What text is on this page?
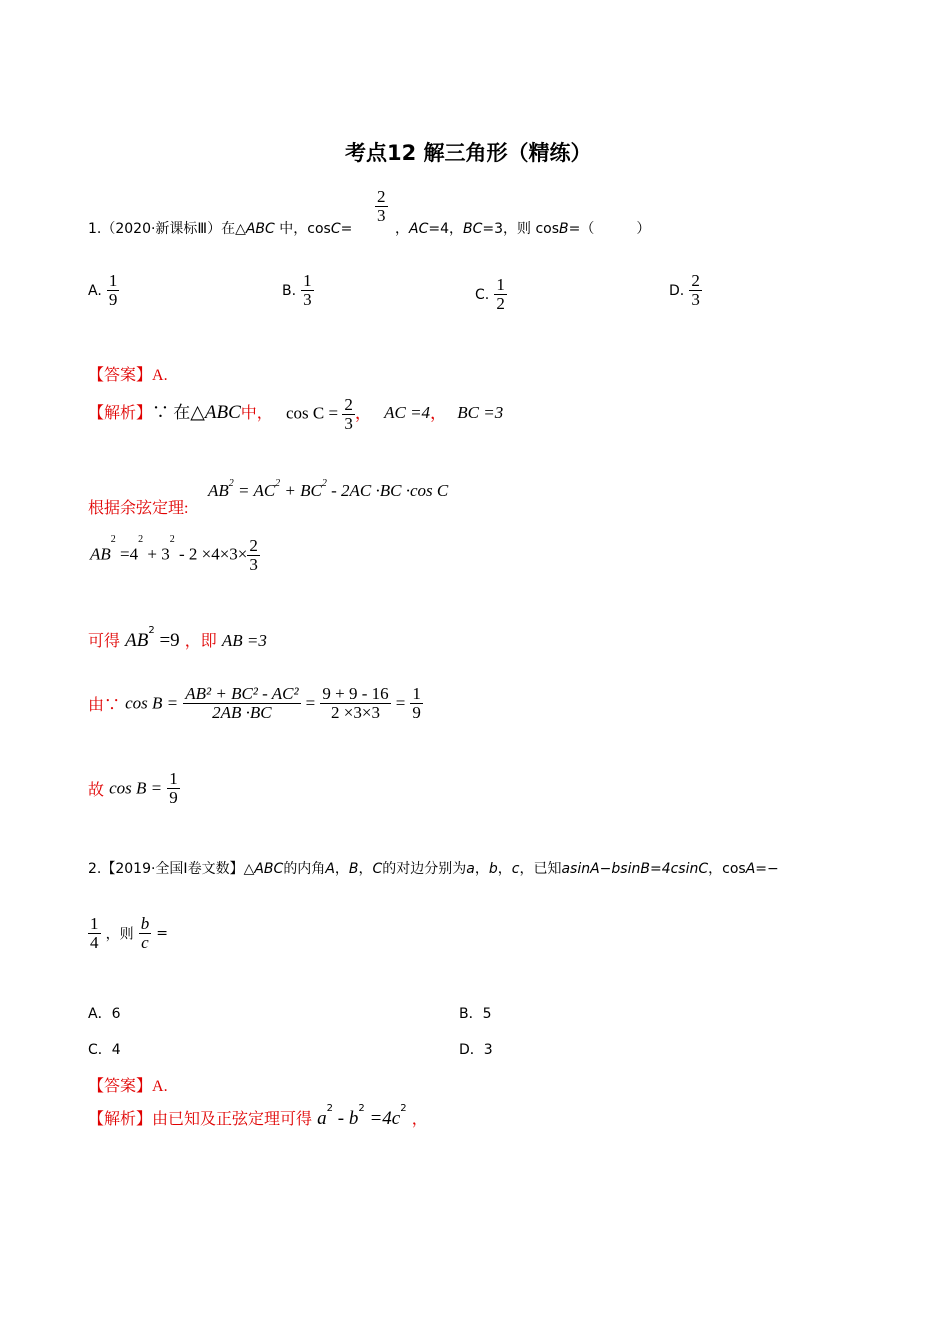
考点12 解三角形（精练）
1.（2020·新课标Ⅲ）在△ABC 中，cosC=
$\frac{2}{3}$
，AC=4，BC=3，则 cosB=（　　　）
A. $\frac{1}{9}$	B. $\frac{1}{3}$	C. $\frac{1}{2}$	D. $\frac{2}{3}$
【答案】A.
【解析】∵ 在△ABC中， $\cos C = \frac{2}{3}$ ， AC =4， BC =3
根据余弦定理:
$AB^2 = AC^2 + BC^2 - 2AC \cdot BC \cdot\cos$ C
$AB^2 =4^2 + 3^2 - 2 \times 4\times 3\times \frac{2}{3}$
可得 $AB^2 =9$ ，即 AB =3
由∵ $\cos B = \frac{\text{AB² + BC² - AC²}}{2AB \cdot BC} = \frac{9 + 9 - 16}{2 \times 3\times 3} = \frac{1}{9}$
故 $\cos B = \frac{1}{9}$
2.【2019·全国Ⅰ卷文数】△ABC的内角A，B，C的对边分别为a，b，c，已知asinA−bsinB=4csinC，cosA=−
$\frac{1}{4}$ ，则 $\frac{b}{c}$ =
A．6	B．5
C．4	D．3
【答案】A.
【解析】由已知及正弦定理可得 $a^2 - b^2 =4c^2$ ，
